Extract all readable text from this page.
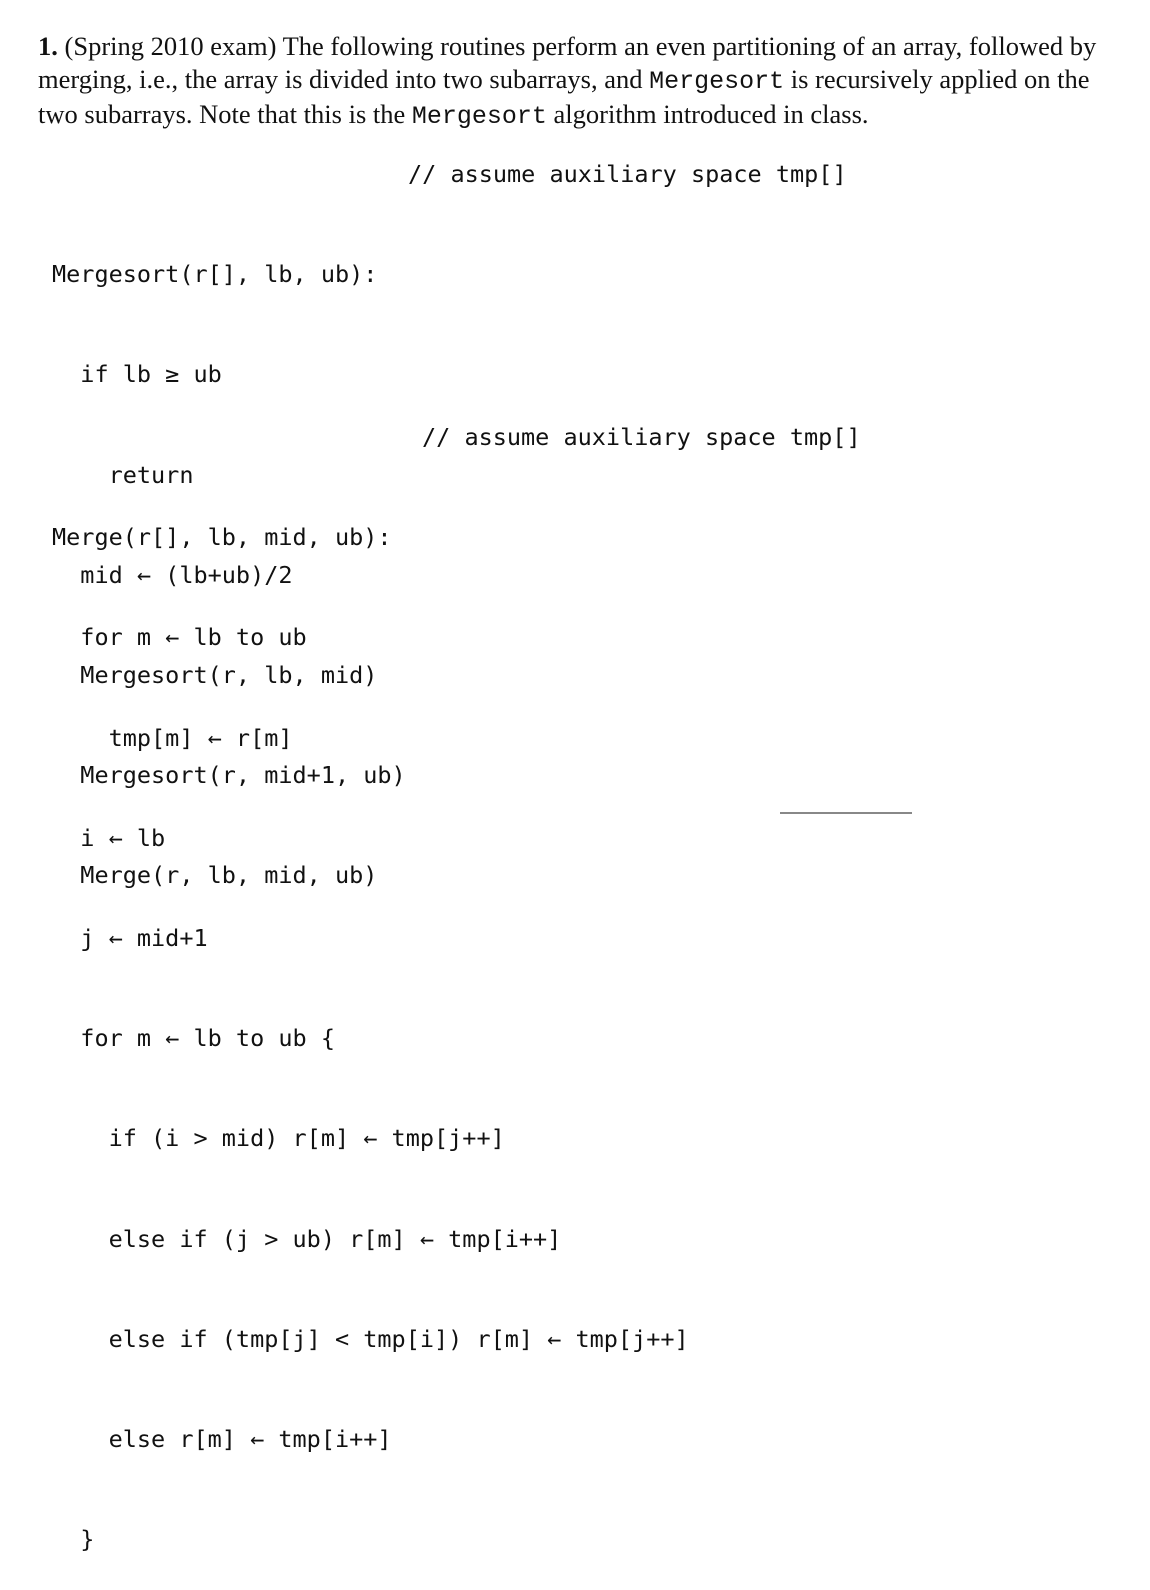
1. (Spring 2010 exam) The following routines perform an even partitioning of an array, followed by merging, i.e., the array is divided into two subarrays, and Mergesort is recursively applied on the two subarrays. Note that this is the Mergesort algorithm introduced in class.

// assume auxiliary space tmp[]

Mergesort(r[], lb, ub):

if lb ≥ ub

return

mid ← (lb+ub)/2

Mergesort(r, lb, mid)

Mergesort(r, mid+1, ub)

Merge(r, lb, mid, ub)

// assume auxiliary space tmp[]

Merge(r[], lb, mid, ub):

for m ← lb to ub

tmp[m] ← r[m]

i ← lb

j ← mid+1

for m ← lb to ub {

if (i > mid) r[m] ← tmp[j++]

else if (j > ub) r[m] ← tmp[i++]

else if (tmp[j] < tmp[i]) r[m] ← tmp[j++]

else r[m] ← tmp[i++]

}
